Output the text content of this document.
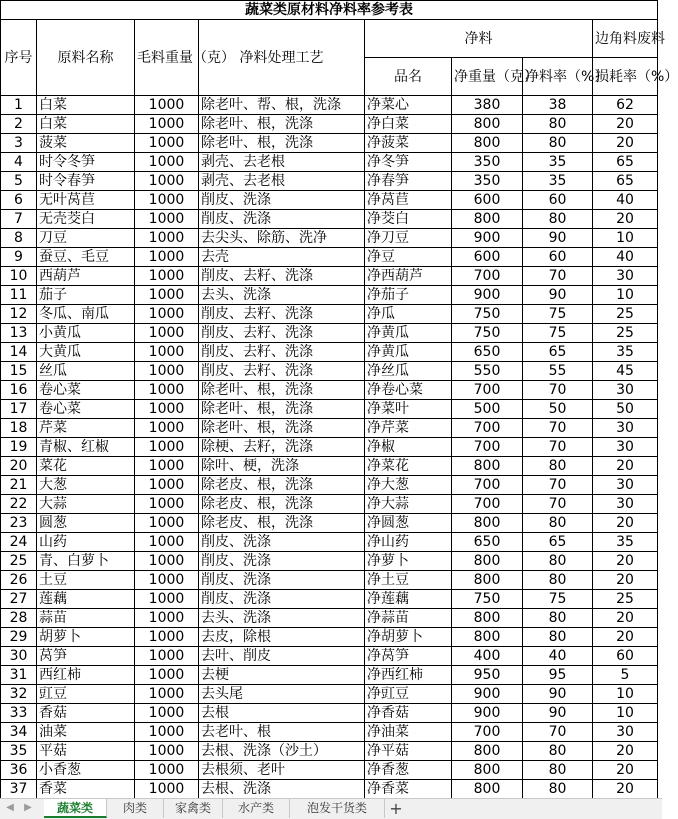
蔬菜类原材料净料率参考表							
序号	原料名称	毛料重量（克）	净料处理工艺	净料			边角料废料
				品名	净重量（克）	净料率（%）	损耗率（%）
1	白菜	1000	除老叶、帮、根，洗涤	净菜心	380	38	62
2	白菜	1000	除老叶、根，洗涤	净白菜	800	80	20
3	菠菜	1000	除老叶、根，洗涤	净菠菜	800	80	20
4	时令冬笋	1000	剥壳、去老根	净冬笋	350	35	65
5	时令春笋	1000	剥壳、去老根	净春笋	350	35	65
6	无叶莴苣	1000	削皮、洗涤	净莴苣	600	60	40
7	无壳茭白	1000	削皮、洗涤	净茭白	800	80	20
8	刀豆	1000	去尖头、除筋、洗净	净刀豆	900	90	10
9	蚕豆、毛豆	1000	去壳	净豆	600	60	40
10	西葫芦	1000	削皮、去籽、洗涤	净西葫芦	700	70	30
11	茄子	1000	去头、洗涤	净茄子	900	90	10
12	冬瓜、南瓜	1000	削皮、去籽、洗涤	净瓜	750	75	25
13	小黄瓜	1000	削皮、去籽、洗涤	净黄瓜	750	75	25
14	大黄瓜	1000	削皮、去籽、洗涤	净黄瓜	650	65	35
15	丝瓜	1000	削皮、去籽、洗涤	净丝瓜	550	55	45
16	卷心菜	1000	除老叶、根，洗涤	净卷心菜	700	70	30
17	卷心菜	1000	除老叶、根，洗涤	净菜叶	500	50	50
18	芹菜	1000	除老叶、根，洗涤	净芹菜	700	70	30
19	青椒、红椒	1000	除梗、去籽，洗涤	净椒	700	70	30
20	菜花	1000	除叶、梗，洗涤	净菜花	800	80	20
21	大葱	1000	除老皮、根，洗涤	净大葱	700	70	30
22	大蒜	1000	除老皮、根，洗涤	净大蒜	700	70	30
23	圆葱	1000	除老皮、根，洗涤	净圆葱	800	80	20
24	山药	1000	削皮、洗涤	净山药	650	65	35
25	青、白萝卜	1000	削皮、洗涤	净萝卜	800	80	20
26	土豆	1000	削皮、洗涤	净土豆	800	80	20
27	莲藕	1000	削皮、洗涤	净莲藕	750	75	25
28	蒜苗	1000	去头、洗涤	净蒜苗	800	80	20
29	胡萝卜	1000	去皮，除根	净胡萝卜	800	80	20
30	莴笋	1000	去叶、削皮	净莴笋	400	40	60
31	西红柿	1000	去梗	净西红柿	950	95	5
32	豇豆	1000	去头尾	净豇豆	900	90	10
33	香菇	1000	去根	净香菇	900	90	10
34	油菜	1000	去老叶、根	净油菜	700	70	30
35	平菇	1000	去根、洗涤（沙土）	净平菇	800	80	20
36	小香葱	1000	去根须、老叶	净香葱	800	80	20
37	香菜	1000	去根、洗涤	净香菜	800	80	20
◀ ▶	蔬菜类	肉类	家禽类	水产类	泡发干货类	+
